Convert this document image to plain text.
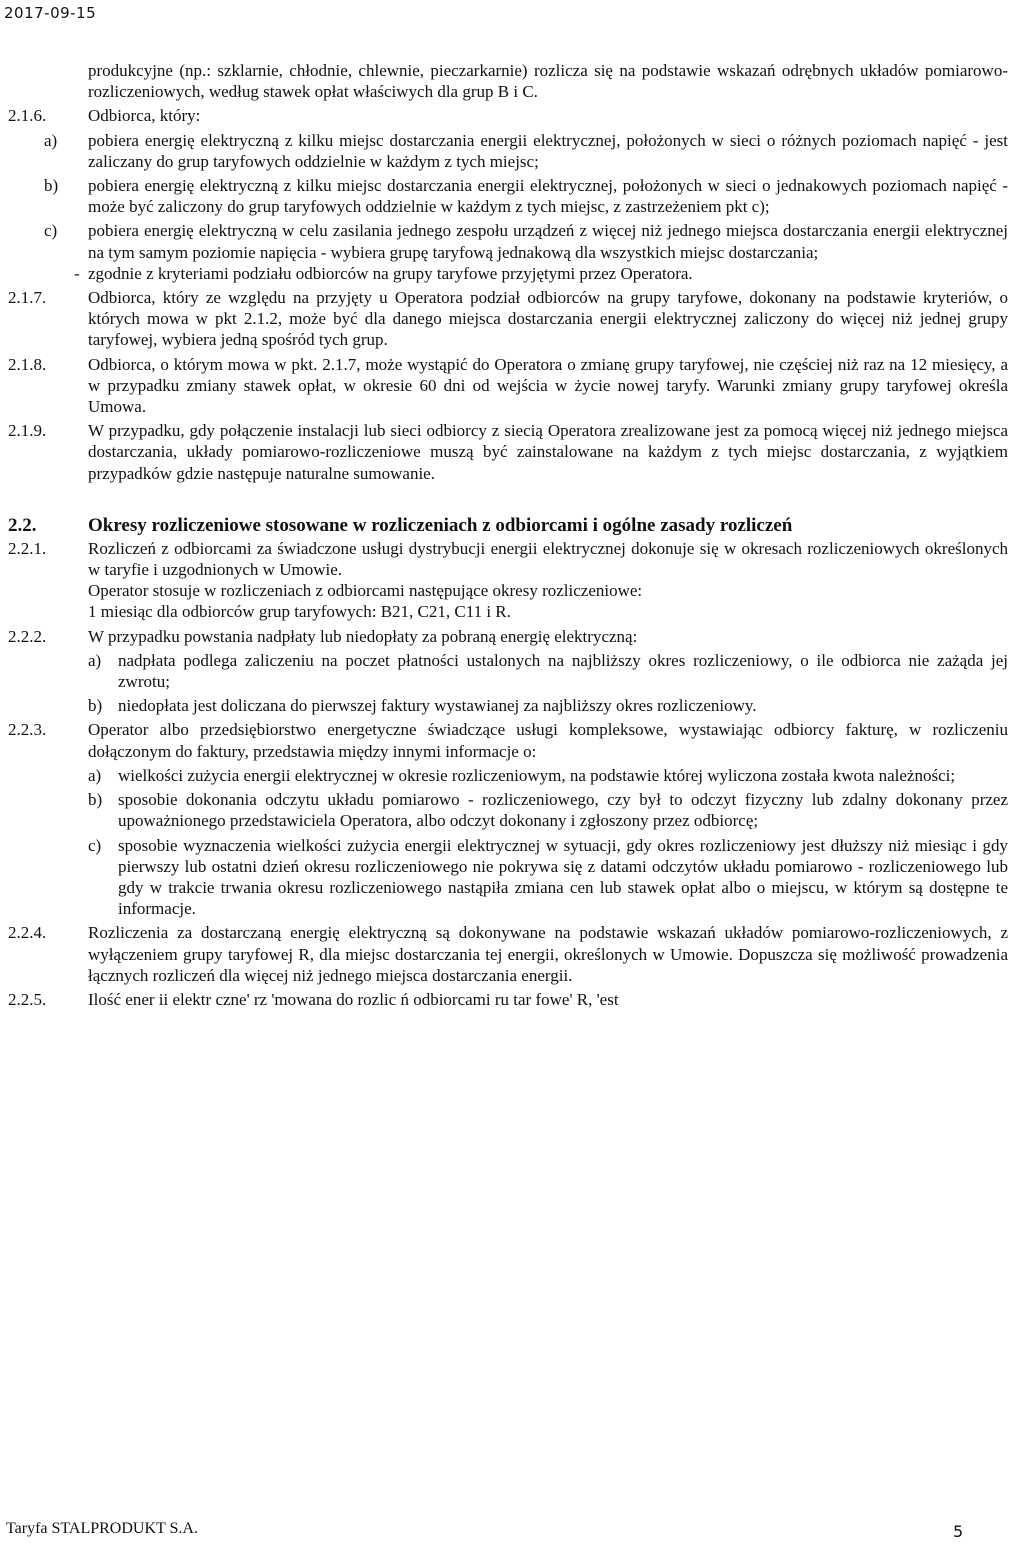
2017-09-15
produkcyjne (np.: szklarnie, chłodnie, chlewnie, pieczarkarnie) rozlicza się na podstawie wskazań odrębnych układów pomiarowo-rozliczeniowych, według stawek opłat właściwych dla grup B i C.
2.1.6. Odbiorca, który:
a) pobiera energię elektryczną z kilku miejsc dostarczania energii elektrycznej, położonych w sieci o różnych poziomach napięć - jest zaliczany do grup taryfowych oddzielnie w każdym z tych miejsc;
b) pobiera energię elektryczną z kilku miejsc dostarczania energii elektrycznej, położonych w sieci o jednakowych poziomach napięć - może być zaliczony do grup taryfowych oddzielnie w każdym z tych miejsc, z zastrzeżeniem pkt c);
c) pobiera energię elektryczną w celu zasilania jednego zespołu urządzeń z więcej niż jednego miejsca dostarczania energii elektrycznej na tym samym poziomie napięcia - wybiera grupę taryfową jednakową dla wszystkich miejsc dostarczania;
- zgodnie z kryteriami podziału odbiorców na grupy taryfowe przyjętymi przez Operatora.
2.1.7. Odbiorca, który ze względu na przyjęty u Operatora podział odbiorców na grupy taryfowe, dokonany na podstawie kryteriów, o których mowa w pkt 2.1.2, może być dla danego miejsca dostarczania energii elektrycznej zaliczony do więcej niż jednej grupy taryfowej, wybiera jedną spośród tych grup.
2.1.8. Odbiorca, o którym mowa w pkt. 2.1.7, może wystąpić do Operatora o zmianę grupy taryfowej, nie częściej niż raz na 12 miesięcy, a w przypadku zmiany stawek opłat, w okresie 60 dni od wejścia w życie nowej taryfy. Warunki zmiany grupy taryfowej określa Umowa.
2.1.9. W przypadku, gdy połączenie instalacji lub sieci odbiorcy z siecią Operatora zrealizowane jest za pomocą więcej niż jednego miejsca dostarczania, układy pomiarowo-rozliczeniowe muszą być zainstalowane na każdym z tych miejsc dostarczania, z wyjątkiem przypadków gdzie następuje naturalne sumowanie.
2.2.	Okresy rozliczeniowe stosowane w rozliczeniach z odbiorcami i ogólne zasady rozliczeń
2.2.1. Rozliczeń z odbiorcami za świadczone usługi dystrybucji energii elektrycznej dokonuje się w okresach rozliczeniowych określonych w taryfie i uzgodnionych w Umowie.
Operator stosuje w rozliczeniach z odbiorcami następujące okresy rozliczeniowe:
1 miesiąc dla odbiorców grup taryfowych: B21, C21, C11 i R.
2.2.2. W przypadku powstania nadpłaty lub niedopłaty za pobraną energię elektryczną:
a) nadpłata podlega zaliczeniu na poczet płatności ustalonych na najbliższy okres rozliczeniowy, o ile odbiorca nie zażąda jej zwrotu;
b) niedopłata jest doliczana do pierwszej faktury wystawianej za najbliższy okres rozliczeniowy.
2.2.3. Operator albo przedsiębiorstwo energetyczne świadczące usługi kompleksowe, wystawiając odbiorcy fakturę, w rozliczeniu dołączonym do faktury, przedstawia między innymi informacje o:
a) wielkości zużycia energii elektrycznej w okresie rozliczeniowym, na podstawie której wyliczona została kwota należności;
b) sposobie dokonania odczytu układu pomiarowo - rozliczeniowego, czy był to odczyt fizyczny lub zdalny dokonany przez upoważnionego przedstawiciela Operatora, albo odczyt dokonany i zgłoszony przez odbiorcę;
c) sposobie wyznaczenia wielkości zużycia energii elektrycznej w sytuacji, gdy okres rozliczeniowy jest dłuższy niż miesiąc i gdy pierwszy lub ostatni dzień okresu rozliczeniowego nie pokrywa się z datami odczytów układu pomiarowo - rozliczeniowego lub gdy w trakcie trwania okresu rozliczeniowego nastąpiła zmiana cen lub stawek opłat albo o miejscu, w którym są dostępne te informacje.
2.2.4. Rozliczenia za dostarczaną energię elektryczną są dokonywane na podstawie wskazań układów pomiarowo-rozliczeniowych, z wyłączeniem grupy taryfowej R, dla miejsc dostarczania tej energii, określonych w Umowie. Dopuszcza się możliwość prowadzenia łącznych rozliczeń dla więcej niż jednego miejsca dostarczania energii.
2.2.5. Ilość ener ii elektr czne' rz 'mowana do rozlic ń odbiorcami ru tar fowe' R, 'est
Taryfa STALPRODUKT S.A.	5
